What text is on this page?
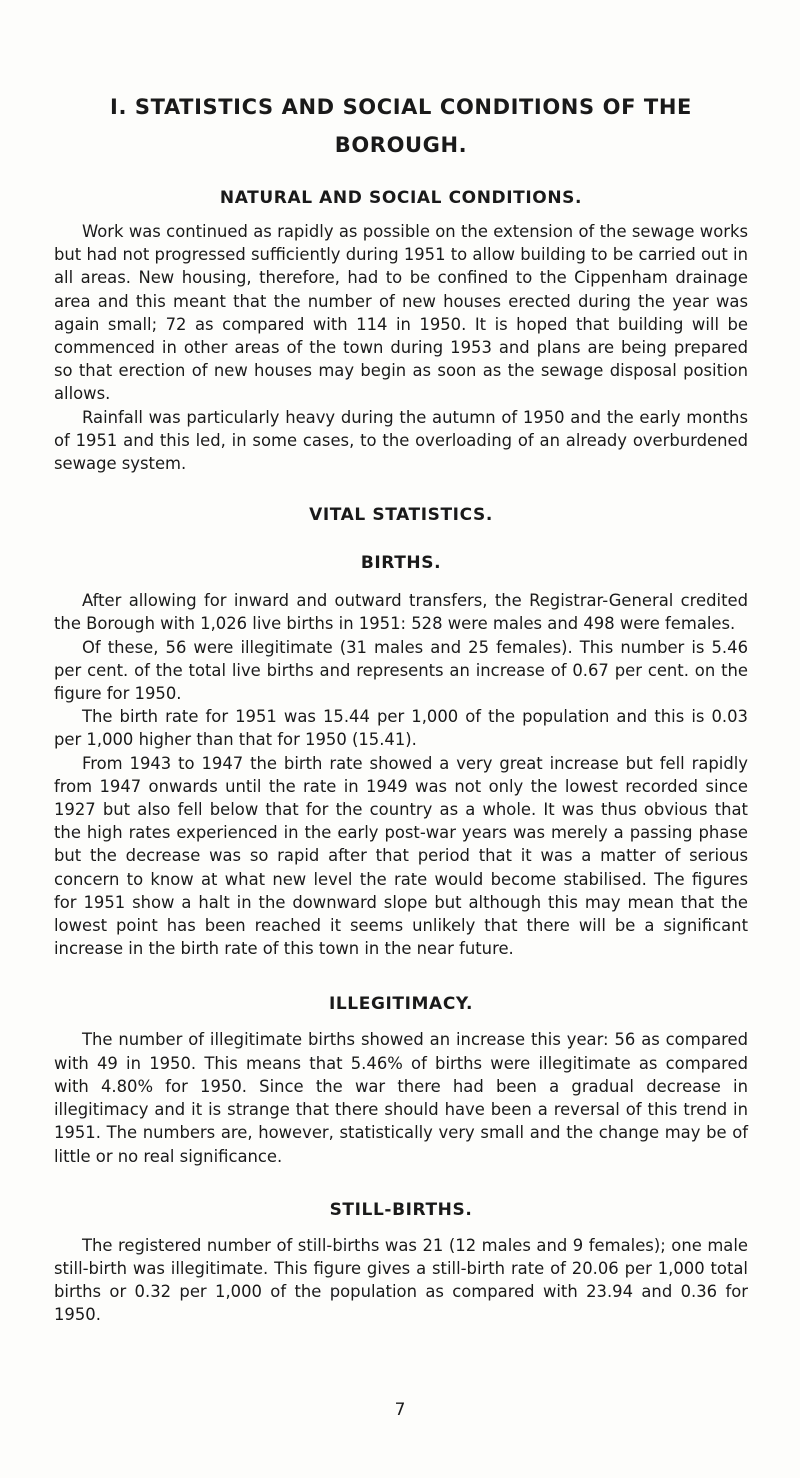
I. STATISTICS AND SOCIAL CONDITIONS OF THE BOROUGH.
NATURAL AND SOCIAL CONDITIONS.

Work was continued as rapidly as possible on the extension of the sewage works but had not progressed sufficiently during 1951 to allow building to be carried out in all areas. New housing, therefore, had to be confined to the Cippenham drainage area and this meant that the number of new houses erected during the year was again small; 72 as compared with 114 in 1950. It is hoped that building will be commenced in other areas of the town during 1953 and plans are being prepared so that erection of new houses may begin as soon as the sewage disposal position allows.

Rainfall was particularly heavy during the autumn of 1950 and the early months of 1951 and this led, in some cases, to the overloading of an already overburdened sewage system.

VITAL STATISTICS.
BIRTHS.

After allowing for inward and outward transfers, the Registrar-General credited the Borough with 1,026 live births in 1951: 528 were males and 498 were females.

Of these, 56 were illegitimate (31 males and 25 females). This number is 5.46 per cent. of the total live births and represents an increase of 0.67 per cent. on the figure for 1950.

The birth rate for 1951 was 15.44 per 1,000 of the population and this is 0.03 per 1,000 higher than that for 1950 (15.41).

From 1943 to 1947 the birth rate showed a very great increase but fell rapidly from 1947 onwards until the rate in 1949 was not only the lowest recorded since 1927 but also fell below that for the country as a whole. It was thus obvious that the high rates experienced in the early post-war years was merely a passing phase but the decrease was so rapid after that period that it was a matter of serious concern to know at what new level the rate would become stabilised. The figures for 1951 show a halt in the downward slope but although this may mean that the lowest point has been reached it seems unlikely that there will be a significant increase in the birth rate of this town in the near future.

ILLEGITIMACY.

The number of illegitimate births showed an increase this year: 56 as compared with 49 in 1950. This means that 5.46% of births were illegitimate as compared with 4.80% for 1950. Since the war there had been a gradual decrease in illegitimacy and it is strange that there should have been a reversal of this trend in 1951. The numbers are, however, statistically very small and the change may be of little or no real significance.

STILL-BIRTHS.

The registered number of still-births was 21 (12 males and 9 females); one male still-birth was illegitimate. This figure gives a still-birth rate of 20.06 per 1,000 total births or 0.32 per 1,000 of the population as compared with 23.94 and 0.36 for 1950.

7
